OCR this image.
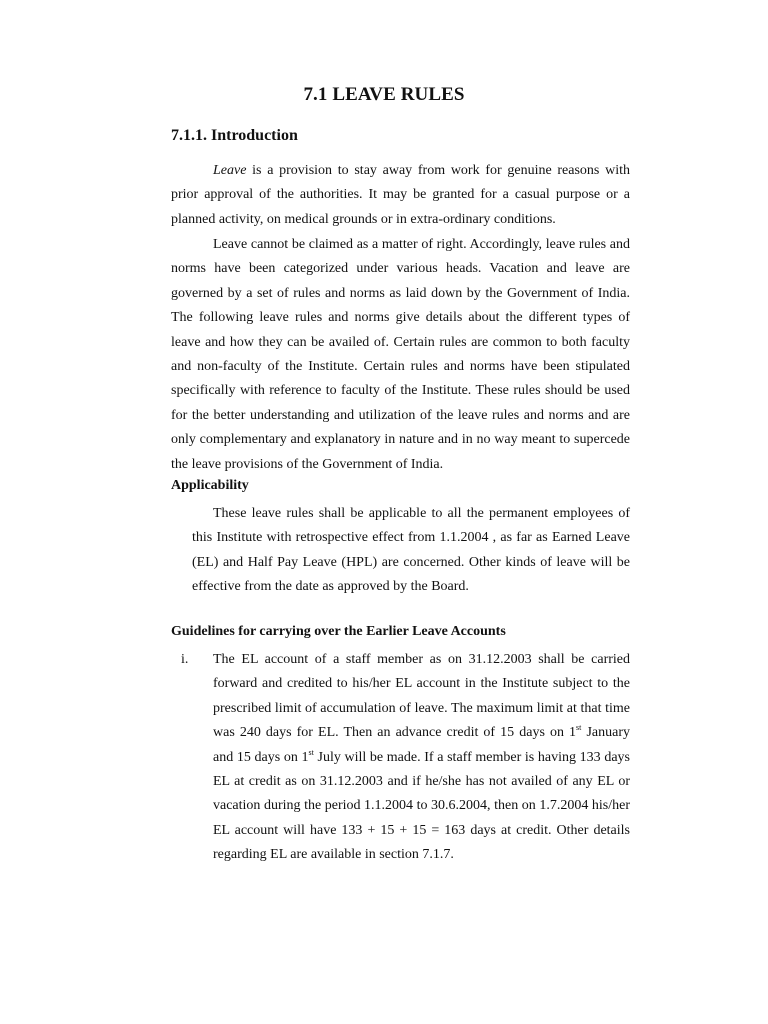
7.1 LEAVE RULES
7.1.1. Introduction

Leave is a provision to stay away from work for genuine reasons with prior approval of the authorities. It may be granted for a casual purpose or a planned activity, on medical grounds or in extra-ordinary conditions.

Leave cannot be claimed as a matter of right. Accordingly, leave rules and norms have been categorized under various heads. Vacation and leave are governed by a set of rules and norms as laid down by the Government of India. The following leave rules and norms give details about the different types of leave and how they can be availed of. Certain rules are common to both faculty and non-faculty of the Institute. Certain rules and norms have been stipulated specifically with reference to faculty of the Institute. These rules should be used for the better understanding and utilization of the leave rules and norms and are only complementary and explanatory in nature and in no way meant to supercede the leave provisions of the Government of India.

Applicability

These leave rules shall be applicable to all the permanent employees of this Institute with retrospective effect from 1.1.2004 , as far as Earned Leave (EL) and Half Pay Leave (HPL) are concerned. Other kinds of leave will be effective from the date as approved by the Board.

Guidelines for carrying over the Earlier Leave Accounts
i. The EL account of a staff member as on 31.12.2003 shall be carried forward and credited to his/her EL account in the Institute subject to the prescribed limit of accumulation of leave. The maximum limit at that time was 240 days for EL. Then an advance credit of 15 days on 1st January and 15 days on 1st July will be made. If a staff member is having 133 days EL at credit as on 31.12.2003 and if he/she has not availed of any EL or vacation during the period 1.1.2004 to 30.6.2004, then on 1.7.2004 his/her EL account will have 133 + 15 + 15 = 163 days at credit. Other details regarding EL are available in section 7.1.7.
